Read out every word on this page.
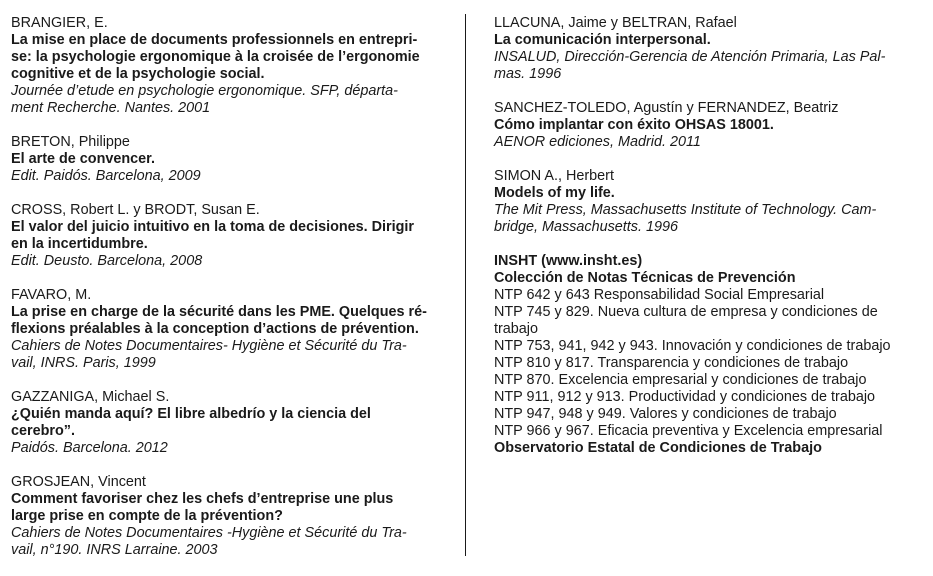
BRANGIER, E.
La mise en place de documents professionnels en entrepri-
se: la psychologie ergonomique à la croisée de l’ergonomie
cognitive et de la psychologie social.
Journée d’etude en psychologie ergonomique. SFP, départa-
ment Recherche. Nantes. 2001
BRETON, Philippe
El arte de convencer.
Edit. Paidós. Barcelona, 2009
CROSS, Robert L. y BRODT, Susan E.
El valor del juicio intuitivo en la toma de decisiones. Dirigir
en la incertidumbre.
Edit. Deusto. Barcelona, 2008
FAVARO, M.
La prise en charge de la sécurité dans les PME. Quelques ré-
flexions préalables à la conception d’actions de prévention.
Cahiers de Notes Documentaires- Hygiène et Sécurité du Tra-
vail, INRS. Paris, 1999
GAZZANIGA, Michael S.
¿Quién manda aquí? El libre albedrío y la ciencia del
cerebro”.
Paidós. Barcelona. 2012
GROSJEAN, Vincent
Comment favoriser chez les chefs d’entreprise une plus
large prise en compte de la prévention?
Cahiers de Notes Documentaires -Hygiène et Sécurité du Tra-
vail, n°190. INRS Larraine. 2003
LLACUNA, Jaime y BELTRAN, Rafael
La comunicación interpersonal.
INSALUD, Dirección-Gerencia de Atención Primaria, Las Pal-
mas. 1996
SANCHEZ-TOLEDO, Agustín y FERNANDEZ, Beatriz
Cómo implantar con éxito OHSAS 18001.
AENOR ediciones, Madrid. 2011
SIMON A., Herbert
Models of my life.
The Mit Press, Massachusetts Institute of Technology. Cam-
bridge, Massachusetts. 1996
INSHT (www.insht.es)
Colección de Notas Técnicas de Prevención
NTP 642 y 643 Responsabilidad Social Empresarial
NTP 745 y 829. Nueva cultura de empresa y condiciones de
trabajo
NTP 753, 941, 942 y 943. Innovación y condiciones de trabajo
NTP 810 y 817. Transparencia y condiciones de trabajo
NTP 870. Excelencia empresarial y condiciones de trabajo
NTP 911, 912 y 913. Productividad y condiciones de trabajo
NTP 947, 948 y 949. Valores y condiciones de trabajo
NTP 966 y 967. Eficacia preventiva y Excelencia empresarial
Observatorio Estatal de Condiciones de Trabajo
